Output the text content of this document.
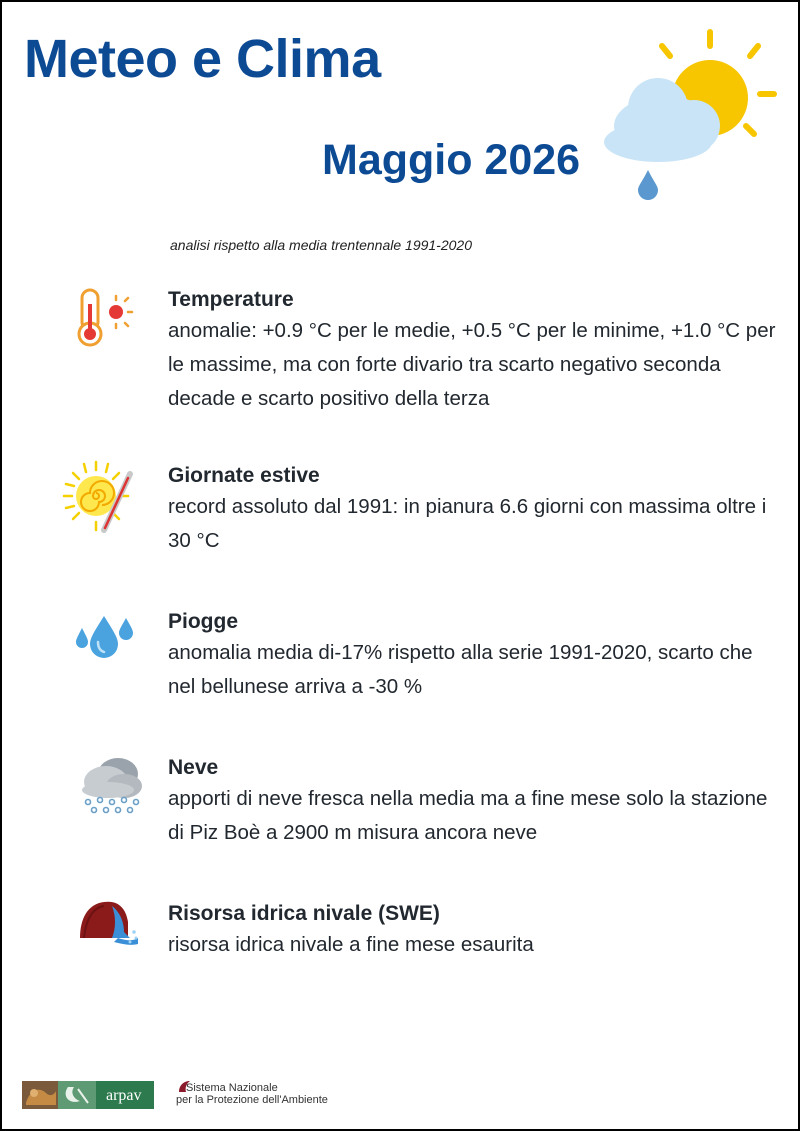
Meteo e Clima
Maggio 2026
analisi rispetto alla media trentennale 1991-2020
Temperature
anomalie: +0.9 °C per le medie, +0.5 °C per le minime, +1.0 °C per le massime, ma con forte divario tra scarto negativo seconda decade e scarto positivo della terza
Giornate estive
record assoluto dal 1991: in pianura 6.6 giorni con massima oltre i 30 °C
Piogge
anomalia media di-17% rispetto alla serie 1991-2020, scarto che nel bellunese arriva a -30 %
Neve
apporti di neve fresca nella media ma a fine mese solo la stazione di Piz Boè a 2900 m misura ancora neve
Risorsa idrica nivale (SWE)
risorsa idrica nivale a fine mese esaurita
arpav	Sistema Nazionale
per la Protezione dell'Ambiente
